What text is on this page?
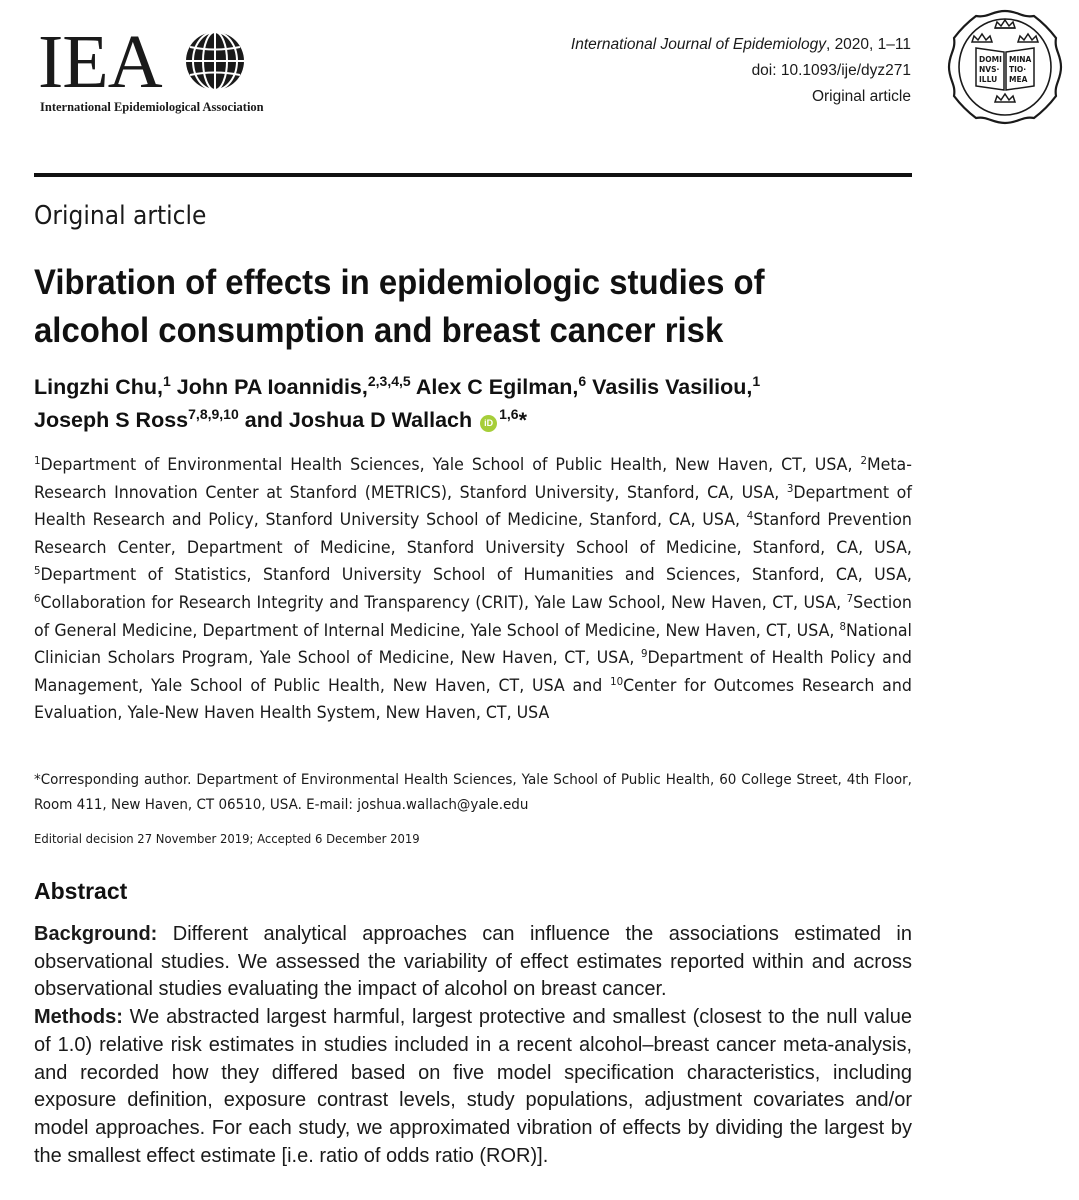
IEA
International Epidemiological Association
International Journal of Epidemiology, 2020, 1–11
doi: 10.1093/ije/dyz271
Original article
DOMI
NVS·
ILLU
MINA
TIO·
MEA
Original article
Vibration of effects in epidemiologic studies of
alcohol consumption and breast cancer risk
Lingzhi Chu,$^1$ John PA Ioannidis,$^{2,3,4,5}$ Alex C Egilman,$^6$ Vasilis Vasiliou,$^1$
Joseph S Ross$^{7,8,9,10}$ and Joshua D Wallach iD$^{1,6}$*
$^1$Department of Environmental Health Sciences, Yale School of Public Health, New Haven, CT, USA, $^2$Meta-Research Innovation Center at Stanford (METRICS), Stanford University, Stanford, CA, USA, $^3$Department of Health Research and Policy, Stanford University School of Medicine, Stanford, CA, USA, $^4$Stanford Prevention Research Center, Department of Medicine, Stanford University School of Medicine, Stanford, CA, USA, $^5$Department of Statistics, Stanford University School of Humanities and Sciences, Stanford, CA, USA, $^6$Collaboration for Research Integrity and Transparency (CRIT), Yale Law School, New Haven, CT, USA, $^7$Section of General Medicine, Department of Internal Medicine, Yale School of Medicine, New Haven, CT, USA, $^8$National Clinician Scholars Program, Yale School of Medicine, New Haven, CT, USA, $^9$Department of Health Policy and Management, Yale School of Public Health, New Haven, CT, USA and $^{10}$Center for Outcomes Research and Evaluation, Yale-New Haven Health System, New Haven, CT, USA
*Corresponding author. Department of Environmental Health Sciences, Yale School of Public Health, 60 College Street, 4th Floor, Room 411, New Haven, CT 06510, USA. E-mail: joshua.wallach@yale.edu
Editorial decision 27 November 2019; Accepted 6 December 2019
Abstract

Background: Different analytical approaches can influence the associations estimated in observational studies. We assessed the variability of effect estimates reported within and across observational studies evaluating the impact of alcohol on breast cancer.

Methods: We abstracted largest harmful, largest protective and smallest (closest to the null value of 1.0) relative risk estimates in studies included in a recent alcohol–breast cancer meta-analysis, and recorded how they differed based on five model specification characteristics, including exposure definition, exposure contrast levels, study populations, adjustment covariates and/or model approaches. For each study, we approximated vibration of effects by dividing the largest by the smallest effect estimate [i.e. ratio of odds ratio (ROR)].
